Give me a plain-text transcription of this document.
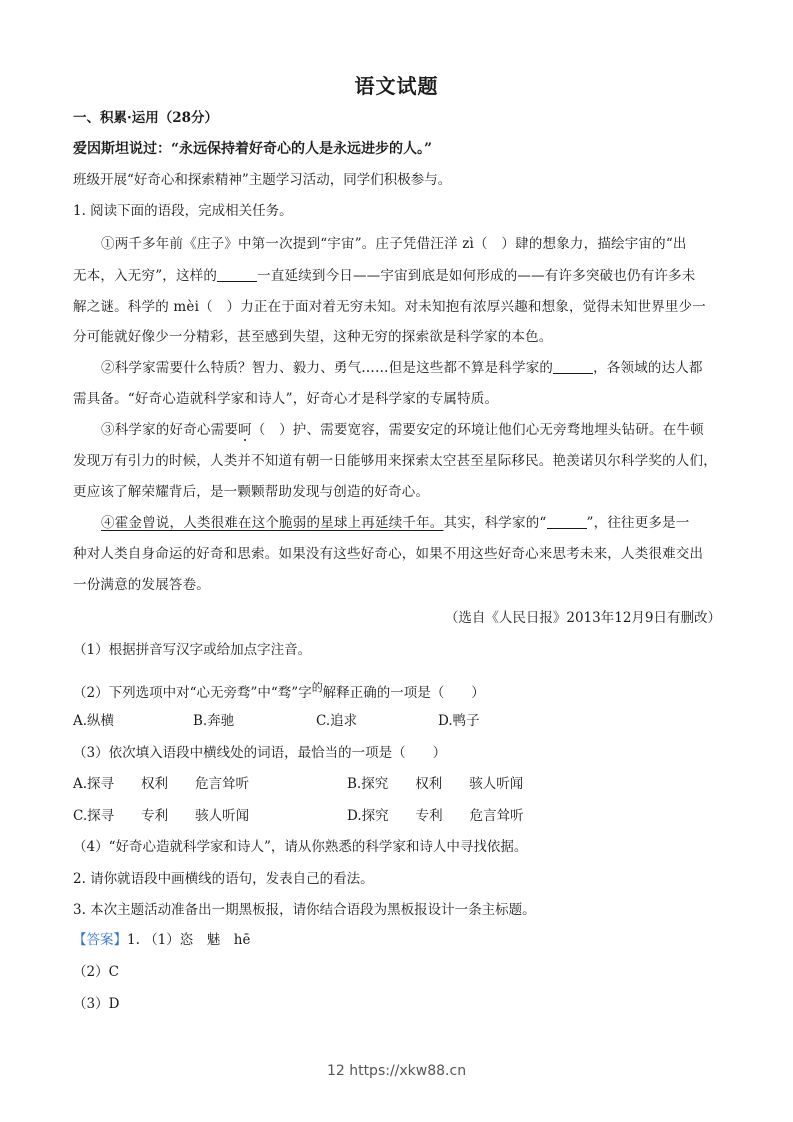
语文试题
一、积累·运用（28分）
爱因斯坦说过：“永远保持着好奇心的人是永远进步的人。”
班级开展“好奇心和探索精神”主题学习活动，同学们积极参与。
1. 阅读下面的语段，完成相关任务。
①两千多年前《庄子》中第一次提到“宇宙”。庄子凭借汪洋 zì（　）肆的想象力，描绘宇宙的“出
无本，入无穷”，这样的	一直延续到今日——宇宙到底是如何形成的——有许多突破也仍有许多未
解之谜。科学的 mèi（　）力正在于面对着无穷未知。对未知抱有浓厚兴趣和想象，觉得未知世界里少一
分可能就好像少一分精彩，甚至感到失望，这种无穷的探索欲是科学家的本色。
②科学家需要什么特质？智力、毅力、勇气……但是这些都不算是科学家的	，各领域的达人都
需具备。“好奇心造就科学家和诗人”，好奇心才是科学家的专属特质。
③科学家的好奇心需要呵（　）护、需要宽容，需要安定的环境让他们心无旁骛地埋头钻研。在牛顿
发现万有引力的时候，人类并不知道有朝一日能够用来探索太空甚至星际移民。艳羡诺贝尔科学奖的人们，
更应该了解荣耀背后，是一颗颗帮助发现与创造的好奇心。
④霍金曾说，人类很难在这个脆弱的星球上再延续千年。其实，科学家的“	”，往往更多是一
种对人类自身命运的好奇和思索。如果没有这些好奇心，如果不用这些好奇心来思考未来，人类很难交出
一份满意的发展答卷。
（选自《人民日报》2013年12月9日有删改）
（1）根据拼音写汉字或给加点字注音。
（2）下列选项中对“心无旁骛”中“骛”字$^的$解释正确的一项是（　　）
A.纵横	B.奔驰	C.追求	D.鸭子
（3）依次填入语段中横线处的词语，最恰当的一项是（　　）
A.探寻　　权利　　危言耸听	B.探究　　权利　　骇人听闻
C.探寻　　专利　　骇人听闻	D.探究　　专利　　危言耸听
（4）“好奇心造就科学家和诗人”，请从你熟悉的科学家和诗人中寻找依据。
2. 请你就语段中画横线的语句，发表自己的看法。
3. 本次主题活动准备出一期黑板报，请你结合语段为黑板报设计一条主标题。
【答案】1. （1）恣　魅　hē
（2）C
（3）D
12 https://xkw88.cn
